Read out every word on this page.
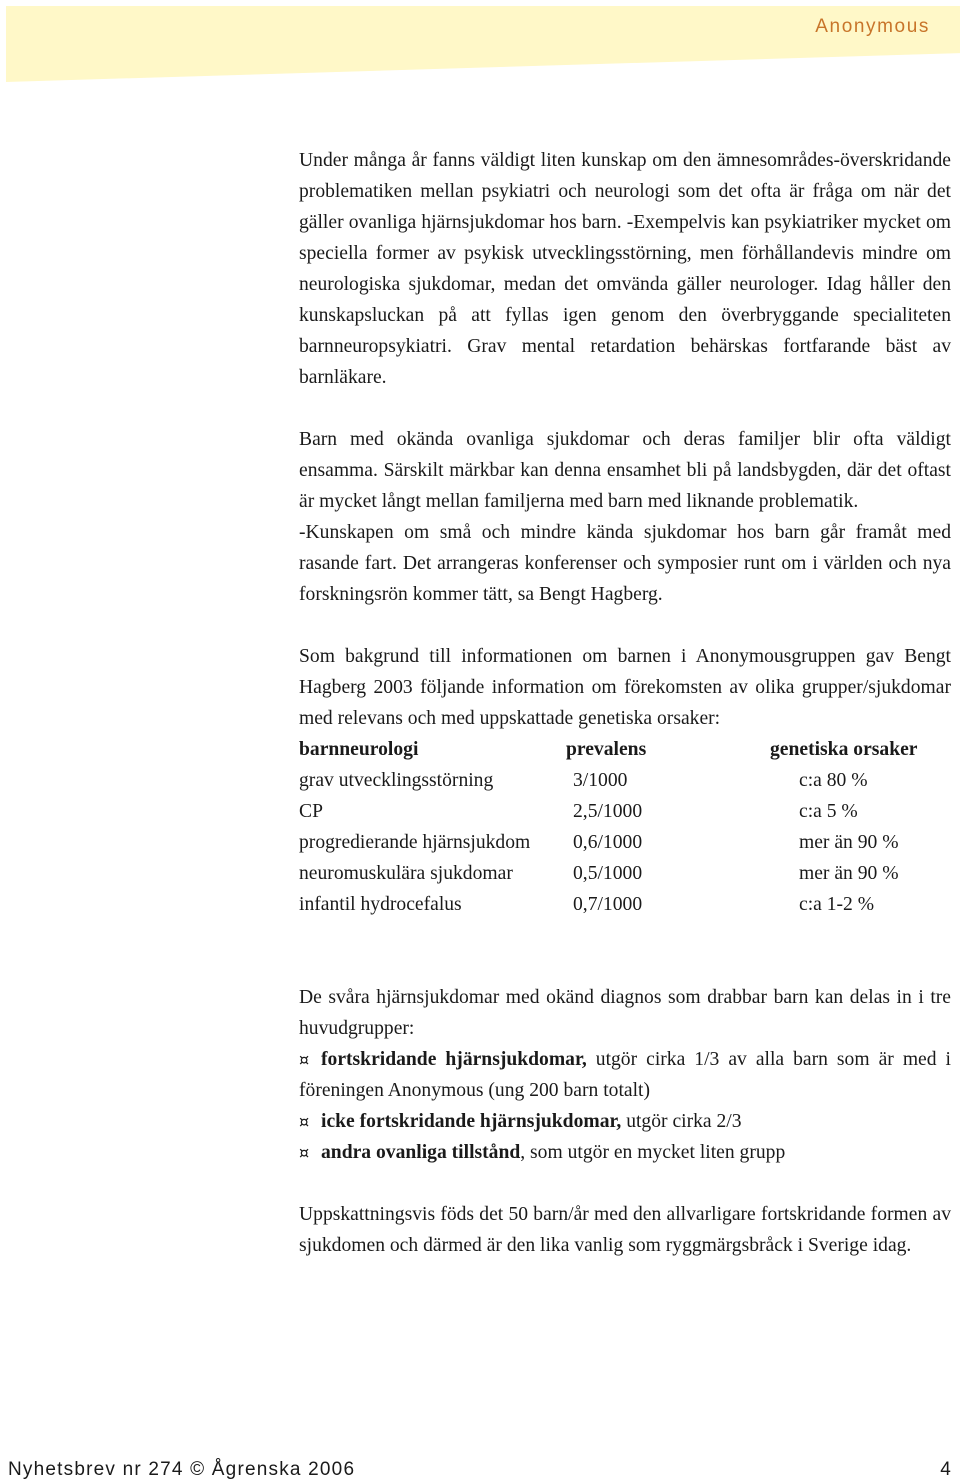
Anonymous

Under många år fanns väldigt liten kunskap om den ämnesområdes-överskridande problematiken mellan psykiatri och neurologi som det ofta är fråga om när det gäller ovanliga hjärnsjukdomar hos barn. -Exempelvis kan psykiatriker mycket om speciella former av psykisk utvecklingsstörning, men förhållandevis mindre om neurologiska sjukdomar, medan det omvända gäller neurologer. Idag håller den kunskapsluckan på att fyllas igen genom den överbryggande specialiteten barnneuropsykiatri. Grav mental retardation behärskas fortfarande bäst av barnläkare.

Barn med okända ovanliga sjukdomar och deras familjer blir ofta väldigt ensamma. Särskilt märkbar kan denna ensamhet bli på landsbygden, där det oftast är mycket långt mellan familjerna med barn med liknande problematik.

-Kunskapen om små och mindre kända sjukdomar hos barn går framåt med rasande fart. Det arrangeras konferenser och symposier runt om i världen och nya forskningsrön kommer tätt, sa Bengt Hagberg.

Som bakgrund till informationen om barnen i Anonymousgruppen gav Bengt Hagberg 2003 följande information om förekomsten av olika grupper/sjukdomar med relevans och med uppskattade genetiska orsaker:

barnneurologi	prevalens	genetiska orsaker
grav utvecklingsstörning	3/1000	c:a 80 %
CP	2,5/1000	c:a 5 %
progredierande hjärnsjukdom 0,6/1000	mer än 90 %
neuromuskulära sjukdomar	0,5/1000	mer än 90 %
infantil hydrocefalus	0,7/1000	c:a 1-2 %

De svåra hjärnsjukdomar med okänd diagnos som drabbar barn kan delas in i tre huvudgrupper:

¤ fortskridande hjärnsjukdomar, utgör cirka 1/3 av alla barn som är med i föreningen Anonymous (ung 200 barn totalt)

¤ icke fortskridande hjärnsjukdomar, utgör cirka 2/3

¤ andra ovanliga tillstånd, som utgör en mycket liten grupp

Uppskattningsvis föds det 50 barn/år med den allvarligare fortskridande formen av sjukdomen och därmed är den lika vanlig som ryggmärgsbråck i Sverige idag.

Nyhetsbrev nr 274 © Ågrenska 2006	4
